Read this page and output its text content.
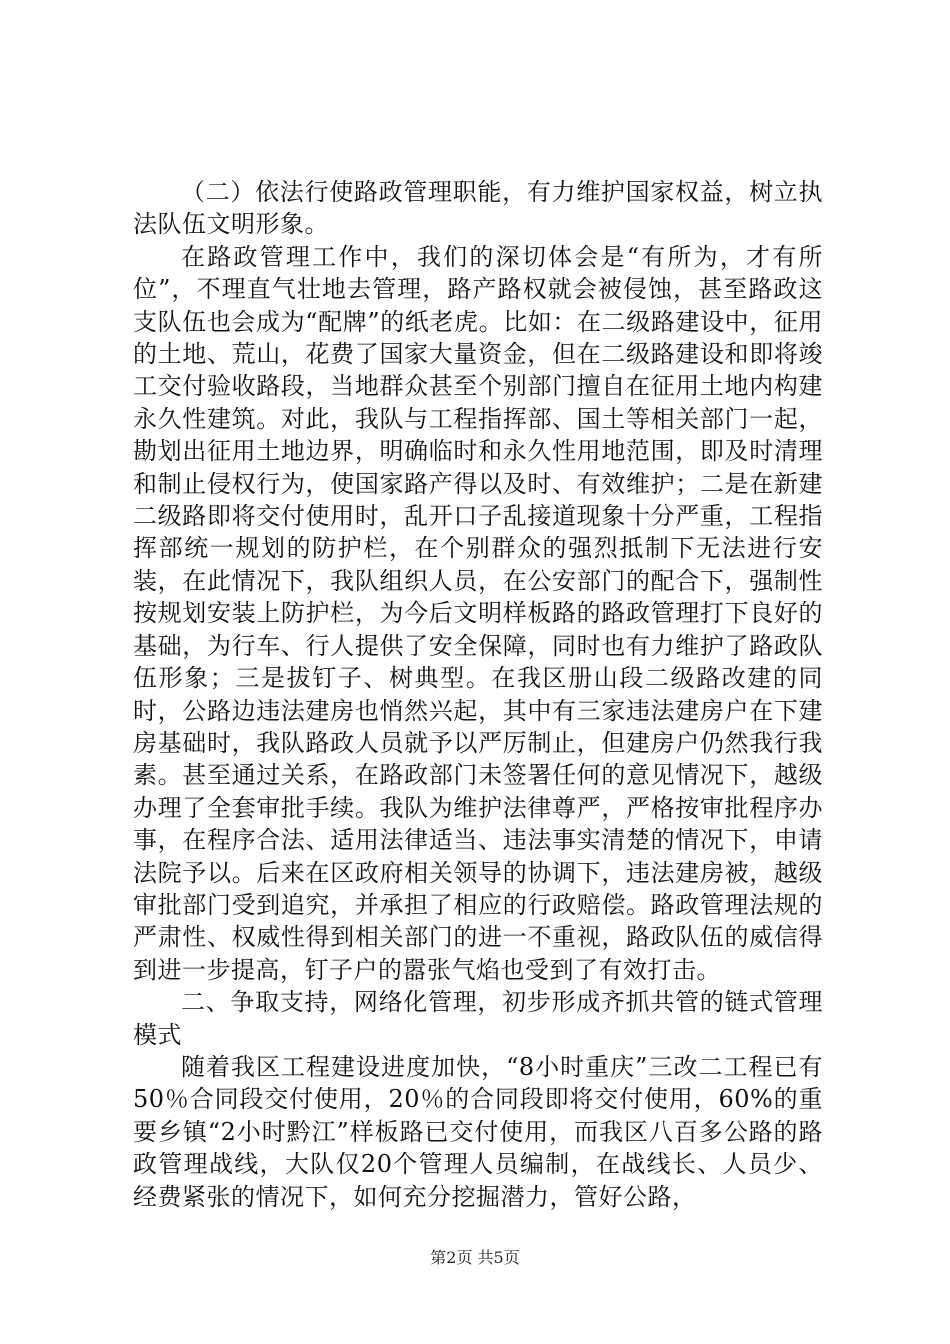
（二）依法行使路政管理职能，有力维护国家权益，树立执法队伍文明形象。

在路政管理工作中，我们的深切体会是“有所为，才有所位”，不理直气壮地去管理，路产路权就会被侵蚀，甚至路政这支队伍也会成为“配牌”的纸老虎。比如：在二级路建设中，征用的土地、荒山，花费了国家大量资金，但在二级路建设和即将竣工交付验收路段，当地群众甚至个别部门擅自在征用土地内构建永久性建筑。对此，我队与工程指挥部、国土等相关部门一起，勘划出征用土地边界，明确临时和永久性用地范围，即及时清理和制止侵权行为，使国家路产得以及时、有效维护；二是在新建二级路即将交付使用时，乱开口子乱接道现象十分严重，工程指挥部统一规划的防护栏，在个别群众的强烈抵制下无法进行安装，在此情况下，我队组织人员，在公安部门的配合下，强制性按规划安装上防护栏，为今后文明样板路的路政管理打下良好的基础，为行车、行人提供了安全保障，同时也有力维护了路政队伍形象；三是拔钉子、树典型。在我区册山段二级路改建的同时，公路边违法建房也悄然兴起，其中有三家违法建房户在下建房基础时，我队路政人员就予以严厉制止，但建房户仍然我行我素。甚至通过关系，在路政部门未签署任何的意见情况下，越级办理了全套审批手续。我队为维护法律尊严，严格按审批程序办事，在程序合法、适用法律适当、违法事实清楚的情况下，申请法院予以。后来在区政府相关领导的协调下，违法建房被，越级审批部门受到追究，并承担了相应的行政赔偿。路政管理法规的严肃性、权威性得到相关部门的进一不重视，路政队伍的威信得到进一步提高，钉子户的嚣张气焰也受到了有效打击。

二、争取支持，网络化管理，初步形成齐抓共管的链式管理模式

随着我区工程建设进度加快，“8小时重庆”三改二工程已有50％合同段交付使用，20％的合同段即将交付使用，60%的重要乡镇“2小时黔江”样板路已交付使用，而我区八百多公路的路政管理战线，大队仅20个管理人员编制，在战线长、人员少、经费紧张的情况下，如何充分挖掘潜力，管好公路，

第2页 共5页
